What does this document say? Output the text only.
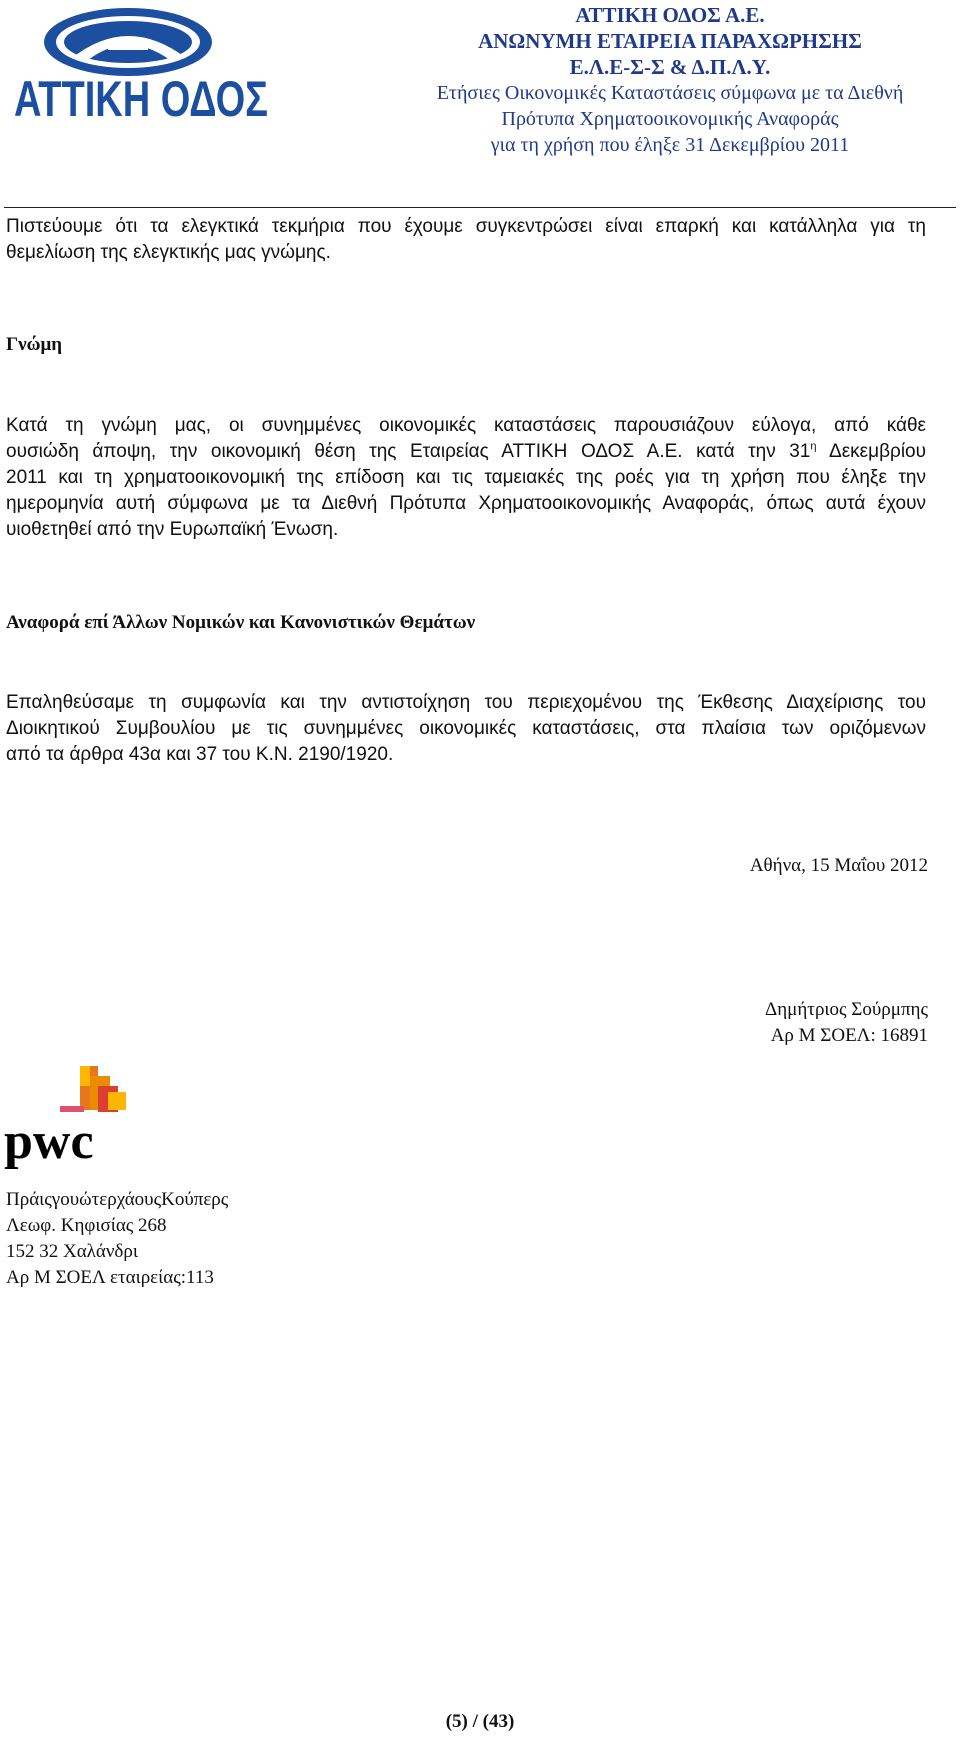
ΑΤΤΙΚΗ ΟΔΟΣ
ΑΤΤΙΚΗ ΟΔΟΣ Α.Ε.
ΑΝΩΝΥΜΗ ΕΤΑΙΡΕΙΑ ΠΑΡΑΧΩΡΗΣΗΣ
Ε.Λ.Ε-Σ-Σ & Δ.Π.Λ.Υ.
Ετήσιες Οικονομικές Καταστάσεις σύμφωνα με τα Διεθνή
Πρότυπα Χρηματοοικονομικής Αναφοράς
για τη χρήση που έληξε 31 Δεκεμβρίου 2011
Πιστεύουμε ότι τα ελεγκτικά τεκμήρια που έχουμε συγκεντρώσει είναι επαρκή και κατάλληλα για τη
θεμελίωση της ελεγκτικής μας γνώμης.
Γνώμη
Κατά τη γνώμη μας, οι συνημμένες οικονομικές καταστάσεις παρουσιάζουν εύλογα, από κάθε
ουσιώδη άποψη, την οικονομική θέση της Εταιρείας ΑΤΤΙΚΗ ΟΔΟΣ Α.Ε. κατά την $31^\eta$ Δεκεμβρίου
2011 και τη χρηματοοικονομική της επίδοση και τις ταμειακές της ροές για τη χρήση που έληξε την
ημερομηνία αυτή σύμφωνα με τα Διεθνή Πρότυπα Χρηματοοικονομικής Αναφοράς, όπως αυτά έχουν
υιοθετηθεί από την Ευρωπαϊκή Ένωση.
Αναφορά επί Άλλων Νομικών και Κανονιστικών Θεμάτων
Επαληθεύσαμε τη συμφωνία και την αντιστοίχηση του περιεχομένου της Έκθεσης Διαχείρισης του
Διοικητικού Συμβουλίου με τις συνημμένες οικονομικές καταστάσεις, στα πλαίσια των οριζόμενων
από τα άρθρα 43α και 37 του Κ.Ν. 2190/1920.
Αθήνα, 15 Μαΐου 2012
Δημήτριος Σούρμπης
Αρ Μ ΣΟΕΛ: 16891
pwc
ΠράιςγουώτερχάουςΚούπερς
Λεωφ. Κηφισίας 268
152 32 Χαλάνδρι
Αρ Μ ΣΟΕΛ εταιρείας:113
(5) / (43)
